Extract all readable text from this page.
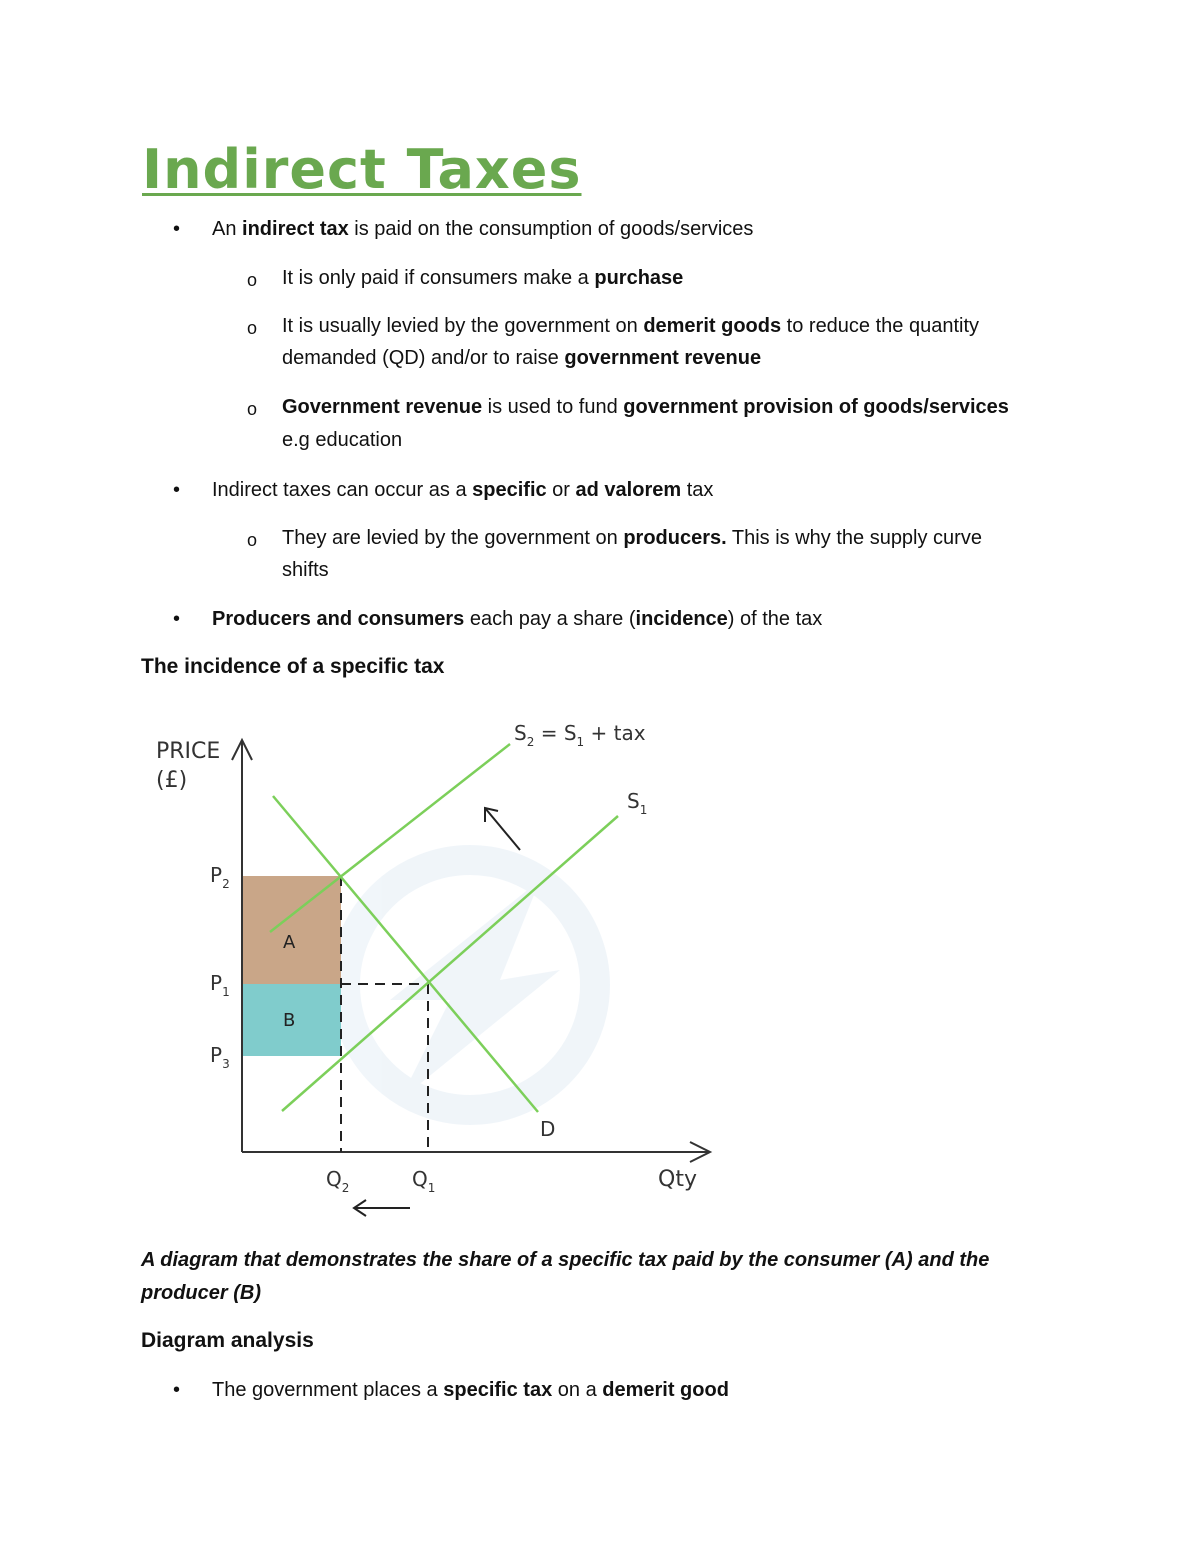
Indirect Taxes
• An indirect tax is paid on the consumption of goods/services
o It is only paid if consumers make a purchase
o It is usually levied by the government on demerit goods to reduce the quantity
demanded (QD) and/or to raise government revenue
o Government revenue is used to fund government provision of goods/services
e.g education
• Indirect taxes can occur as a specific or ad valorem tax
o They are levied by the government on producers. This is why the supply curve
shifts
• Producers and consumers each pay a share (incidence) of the tax
The incidence of a specific tax
PRICE
(£)
Qty
$P_2$
$P_1$
$P_3$
$Q_2$	$Q_1$
$S_2 = S_1$ + tax
$S_1$
D
A
B
A diagram that demonstrates the share of a specific tax paid by the consumer (A) and the
producer (B)
Diagram analysis
• The government places a specific tax on a demerit good
